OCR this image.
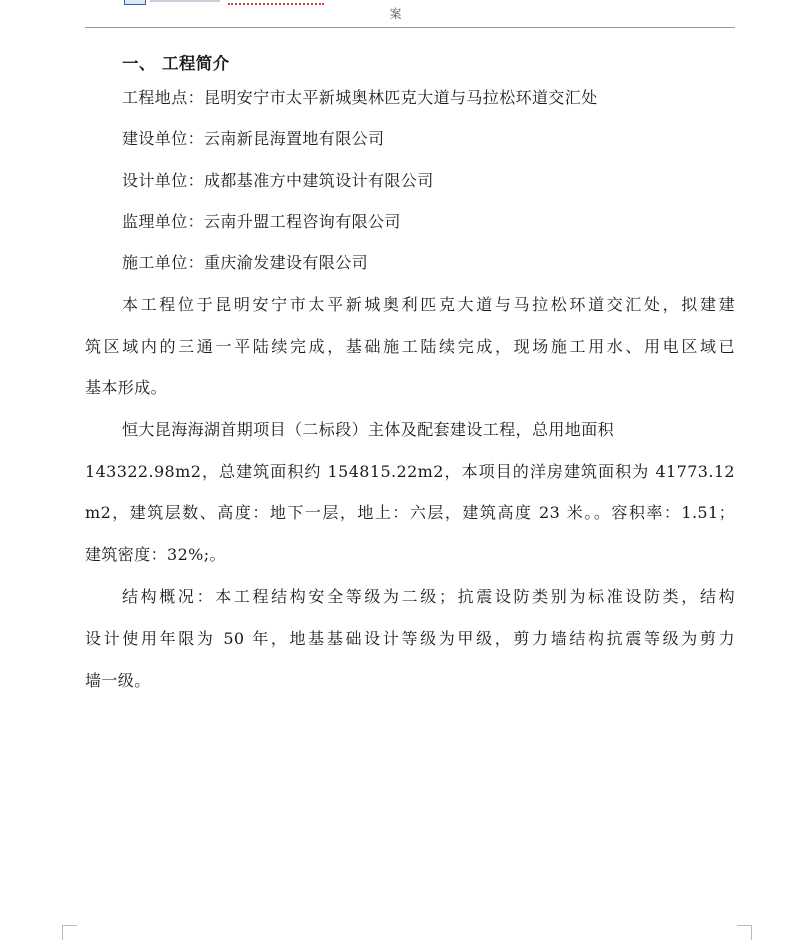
案
一、 工程简介
工程地点：昆明安宁市太平新城奥林匹克大道与马拉松环道交汇处
建设单位：云南新昆海置地有限公司
设计单位：成都基准方中建筑设计有限公司
监理单位：云南升盟工程咨询有限公司
施工单位：重庆渝发建设有限公司
本工程位于昆明安宁市太平新城奥利匹克大道与马拉松环道交汇处，拟建建
筑区域内的三通一平陆续完成，基础施工陆续完成，现场施工用水、用电区域已
基本形成。
恒大昆海海湖首期项目（二标段）主体及配套建设工程，总用地面积
143322.98m2，总建筑面积约 154815.22m2，本项目的洋房建筑面积为 41773.12
m2，建筑层数、高度：地下一层，地上：六层，建筑高度 23 米。。容积率：1.51；
建筑密度：32%;。
结构概况：本工程结构安全等级为二级；抗震设防类别为标准设防类，结构
设计使用年限为 50 年，地基基础设计等级为甲级，剪力墙结构抗震等级为剪力
墙一级。
